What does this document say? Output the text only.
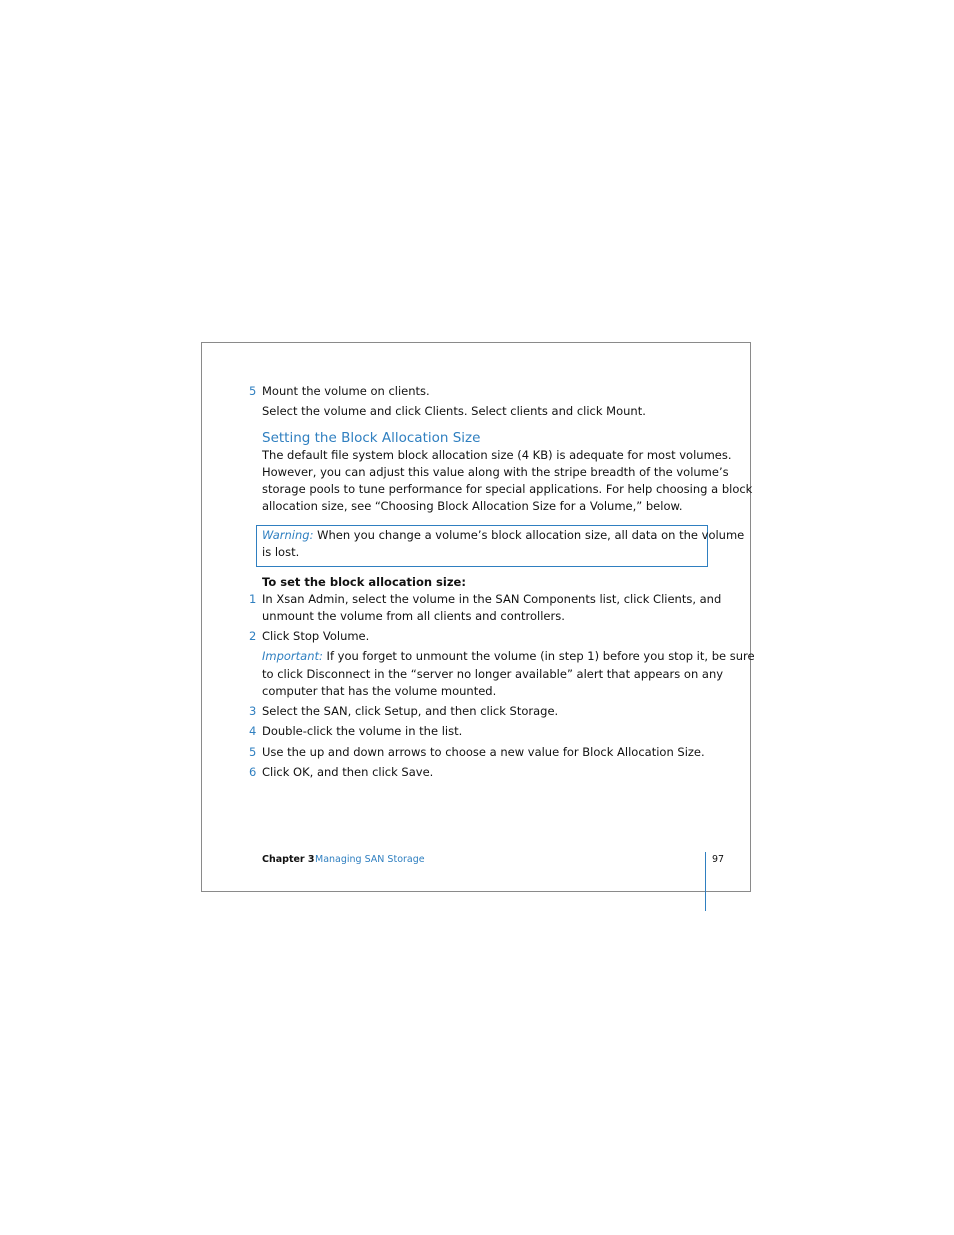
5 Mount the volume on clients.
Select the volume and click Clients. Select clients and click Mount.
Setting the Block Allocation Size
The default file system block allocation size (4 KB) is adequate for most volumes.
However, you can adjust this value along with the stripe breadth of the volume’s
storage pools to tune performance for special applications. For help choosing a block
allocation size, see “Choosing Block Allocation Size for a Volume,” below.
Warning: When you change a volume’s block allocation size, all data on the volume
is lost.
To set the block allocation size:
1 In Xsan Admin, select the volume in the SAN Components list, click Clients, and
unmount the volume from all clients and controllers.
2 Click Stop Volume.
Important: If you forget to unmount the volume (in step 1) before you stop it, be sure
to click Disconnect in the “server no longer available” alert that appears on any
computer that has the volume mounted.
3 Select the SAN, click Setup, and then click Storage.
4 Double-click the volume in the list.
5 Use the up and down arrows to choose a new value for Block Allocation Size.
6 Click OK, and then click Save.
Chapter 3 Managing SAN Storage	97
